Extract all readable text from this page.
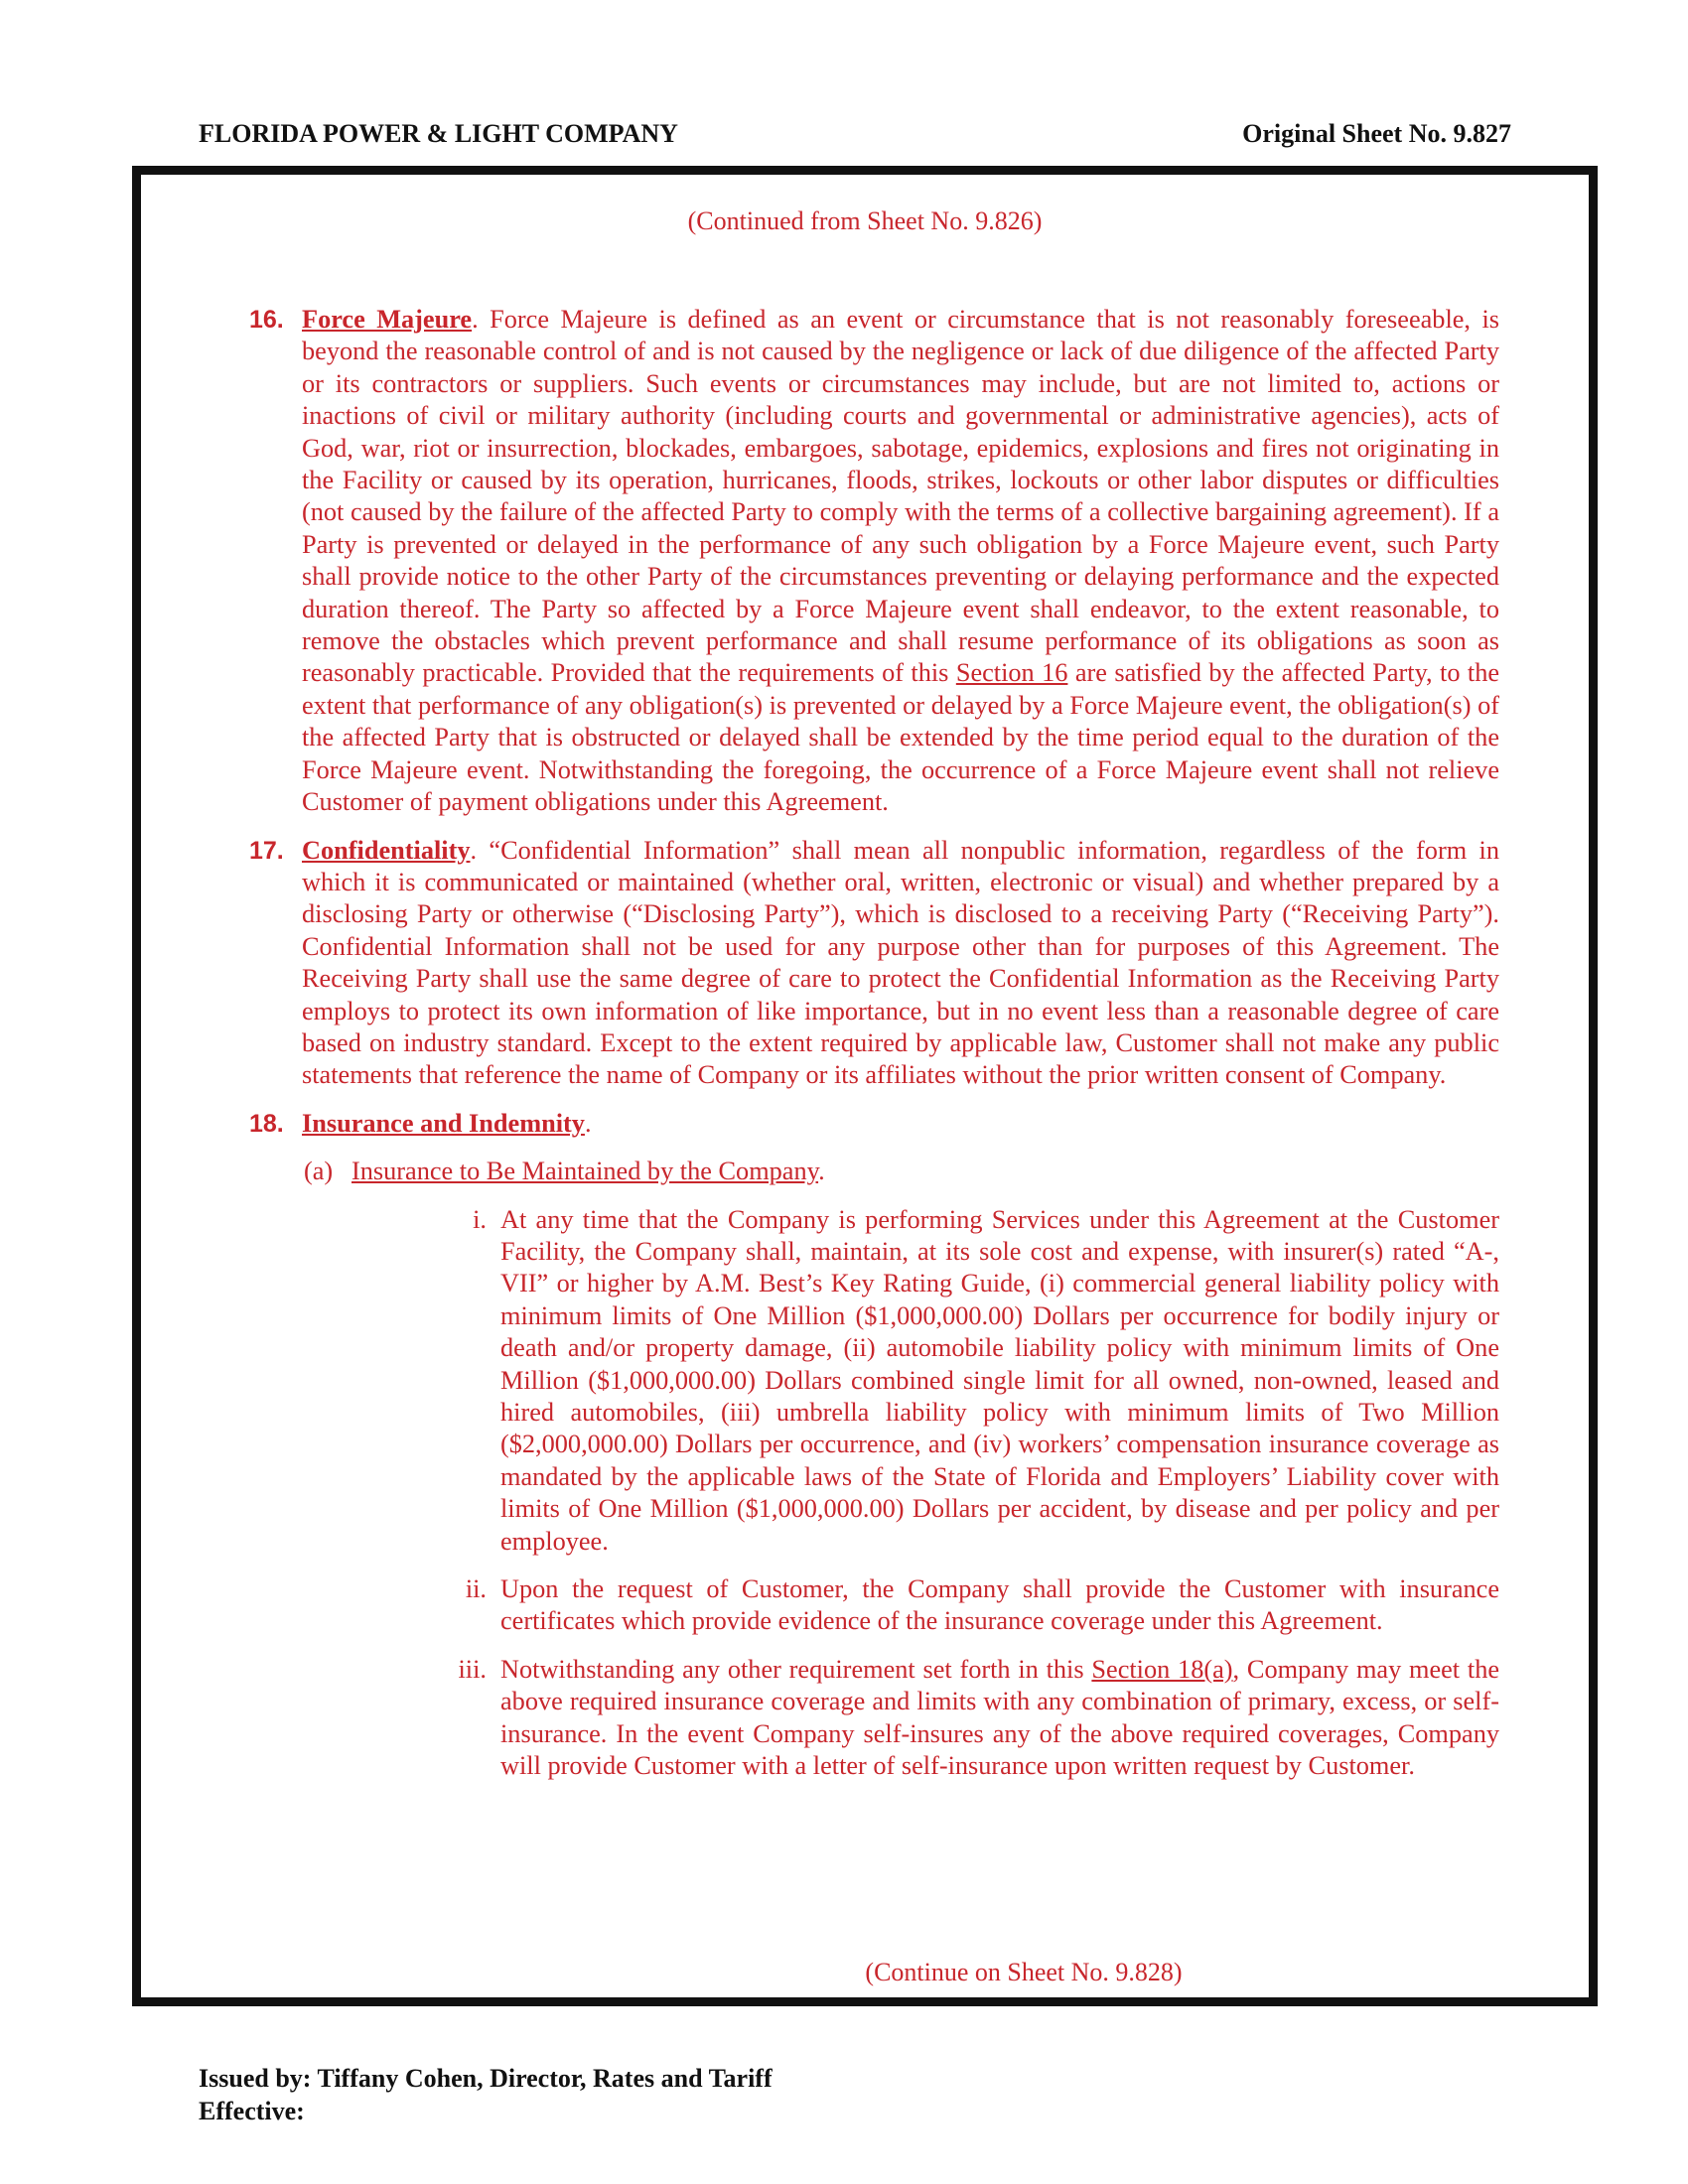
FLORIDA POWER & LIGHT COMPANY	Original Sheet No. 9.827
(Continued from Sheet No. 9.826)
16. Force Majeure. Force Majeure is defined as an event or circumstance that is not reasonably foreseeable, is beyond the reasonable control of and is not caused by the negligence or lack of due diligence of the affected Party or its contractors or suppliers. Such events or circumstances may include, but are not limited to, actions or inactions of civil or military authority (including courts and governmental or administrative agencies), acts of God, war, riot or insurrection, blockades, embargoes, sabotage, epidemics, explosions and fires not originating in the Facility or caused by its operation, hurricanes, floods, strikes, lockouts or other labor disputes or difficulties (not caused by the failure of the affected Party to comply with the terms of a collective bargaining agreement). If a Party is prevented or delayed in the performance of any such obligation by a Force Majeure event, such Party shall provide notice to the other Party of the circumstances preventing or delaying performance and the expected duration thereof. The Party so affected by a Force Majeure event shall endeavor, to the extent reasonable, to remove the obstacles which prevent performance and shall resume performance of its obligations as soon as reasonably practicable. Provided that the requirements of this Section 16 are satisfied by the affected Party, to the extent that performance of any obligation(s) is prevented or delayed by a Force Majeure event, the obligation(s) of the affected Party that is obstructed or delayed shall be extended by the time period equal to the duration of the Force Majeure event. Notwithstanding the foregoing, the occurrence of a Force Majeure event shall not relieve Customer of payment obligations under this Agreement.
17. Confidentiality. “Confidential Information” shall mean all nonpublic information, regardless of the form in which it is communicated or maintained (whether oral, written, electronic or visual) and whether prepared by a disclosing Party or otherwise (“Disclosing Party”), which is disclosed to a receiving Party (“Receiving Party”). Confidential Information shall not be used for any purpose other than for purposes of this Agreement. The Receiving Party shall use the same degree of care to protect the Confidential Information as the Receiving Party employs to protect its own information of like importance, but in no event less than a reasonable degree of care based on industry standard. Except to the extent required by applicable law, Customer shall not make any public statements that reference the name of Company or its affiliates without the prior written consent of Company.
18. Insurance and Indemnity.
(a) Insurance to Be Maintained by the Company.
i. At any time that the Company is performing Services under this Agreement at the Customer Facility, the Company shall, maintain, at its sole cost and expense, with insurer(s) rated “A-, VII” or higher by A.M. Best’s Key Rating Guide, (i) commercial general liability policy with minimum limits of One Million ($1,000,000.00) Dollars per occurrence for bodily injury or death and/or property damage, (ii) automobile liability policy with minimum limits of One Million ($1,000,000.00) Dollars combined single limit for all owned, non-owned, leased and hired automobiles, (iii) umbrella liability policy with minimum limits of Two Million ($2,000,000.00) Dollars per occurrence, and (iv) workers’ compensation insurance coverage as mandated by the applicable laws of the State of Florida and Employers’ Liability cover with limits of One Million ($1,000,000.00) Dollars per accident, by disease and per policy and per employee.
ii. Upon the request of Customer, the Company shall provide the Customer with insurance certificates which provide evidence of the insurance coverage under this Agreement.
iii. Notwithstanding any other requirement set forth in this Section 18(a), Company may meet the above required insurance coverage and limits with any combination of primary, excess, or self-insurance. In the event Company self-insures any of the above required coverages, Company will provide Customer with a letter of self-insurance upon written request by Customer.
(Continue on Sheet No. 9.828)
Issued by: Tiffany Cohen, Director, Rates and Tariff
Effective:
